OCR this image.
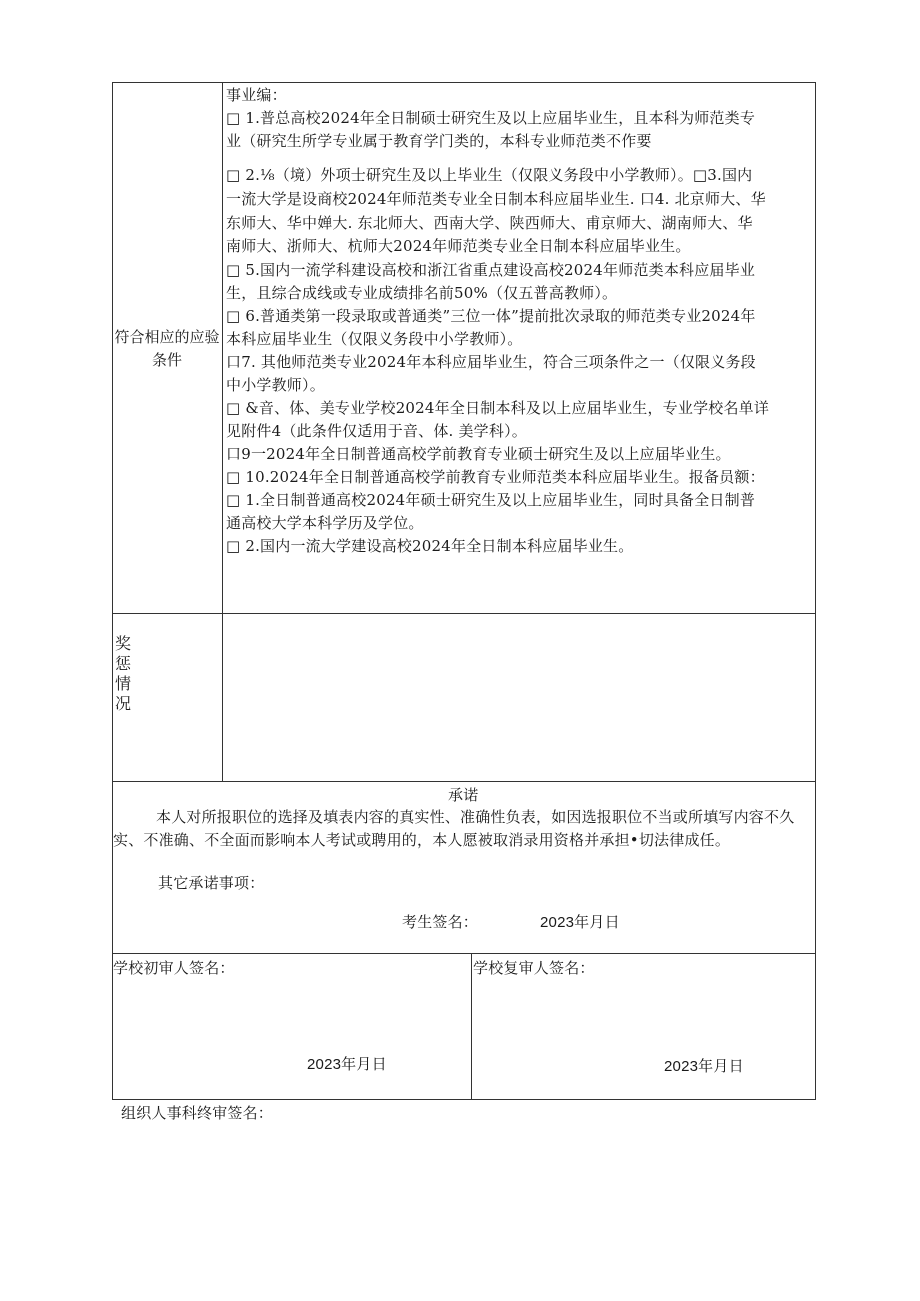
符合相应的应验条件
事业编：
□ 1.普总高校2024年全日制硕士研究生及以上应届毕业生，且本科为师范类专
业（研究生所学专业属于教育学门类的，本科专业师范类不作要
□ 2.⅛（境）外项士研究生及以上毕业生（仅限义务段中小学教师）。□3.国内
一流大学是设商校2024年师范类专业全日制本科应届毕业生. 口4. 北京师大、华
东师大、华中婵大. 东北师大、西南大学、陕西师大、甫京师大、湖南师大、华
南师大、浙师大、杭师大2024年师范类专业全日制本科应届毕业生。
□ 5.国内一流学科建设高校和浙江省重点建设高校2024年师范类本科应届毕业
生，且综合成线或专业成绩排名前50%（仅五普高教师）。
□ 6.普通类第一段录取或普通类”三位一体”提前批次录取的师范类专业2024年
本科应届毕业生（仅限义务段中小学教师）。
口7. 其他师范类专业2024年本科应届毕业生，符合三项条件之一（仅限义务段
中小学教师）。
□ &音、体、美专业学校2024年全日制本科及以上应届毕业生，专业学校名单详
见附件4（此条件仅适用于音、体. 美学科）。
口9一2024年全日制普通高校学前教育专业硕士研究生及以上应届毕业生。
□ 10.2024年全日制普通高校学前教育专业师范类本科应届毕业生。报备员额：
□ 1.全日制普通高校2024年硕士研究生及以上应届毕业生，同时具备全日制普
通高校大学本科学历及学位。
□ 2.国内一流大学建设高校2024年全日制本科应届毕业生。
奖
惩
情
况
承诺
本人对所报职位的选择及填表内容的真实性、准确性负表，如因选报职位不当或所填写内容不久实、不准确、不全面而影响本人考试或聘用的，本人愿被取消录用资格并承担•切法律成任。
其它承诺事项：
考生签名：	2023年月日
学校初审人签名：
2023年月日
学校复审人签名：
2023年月日
组织人事科终审签名：
